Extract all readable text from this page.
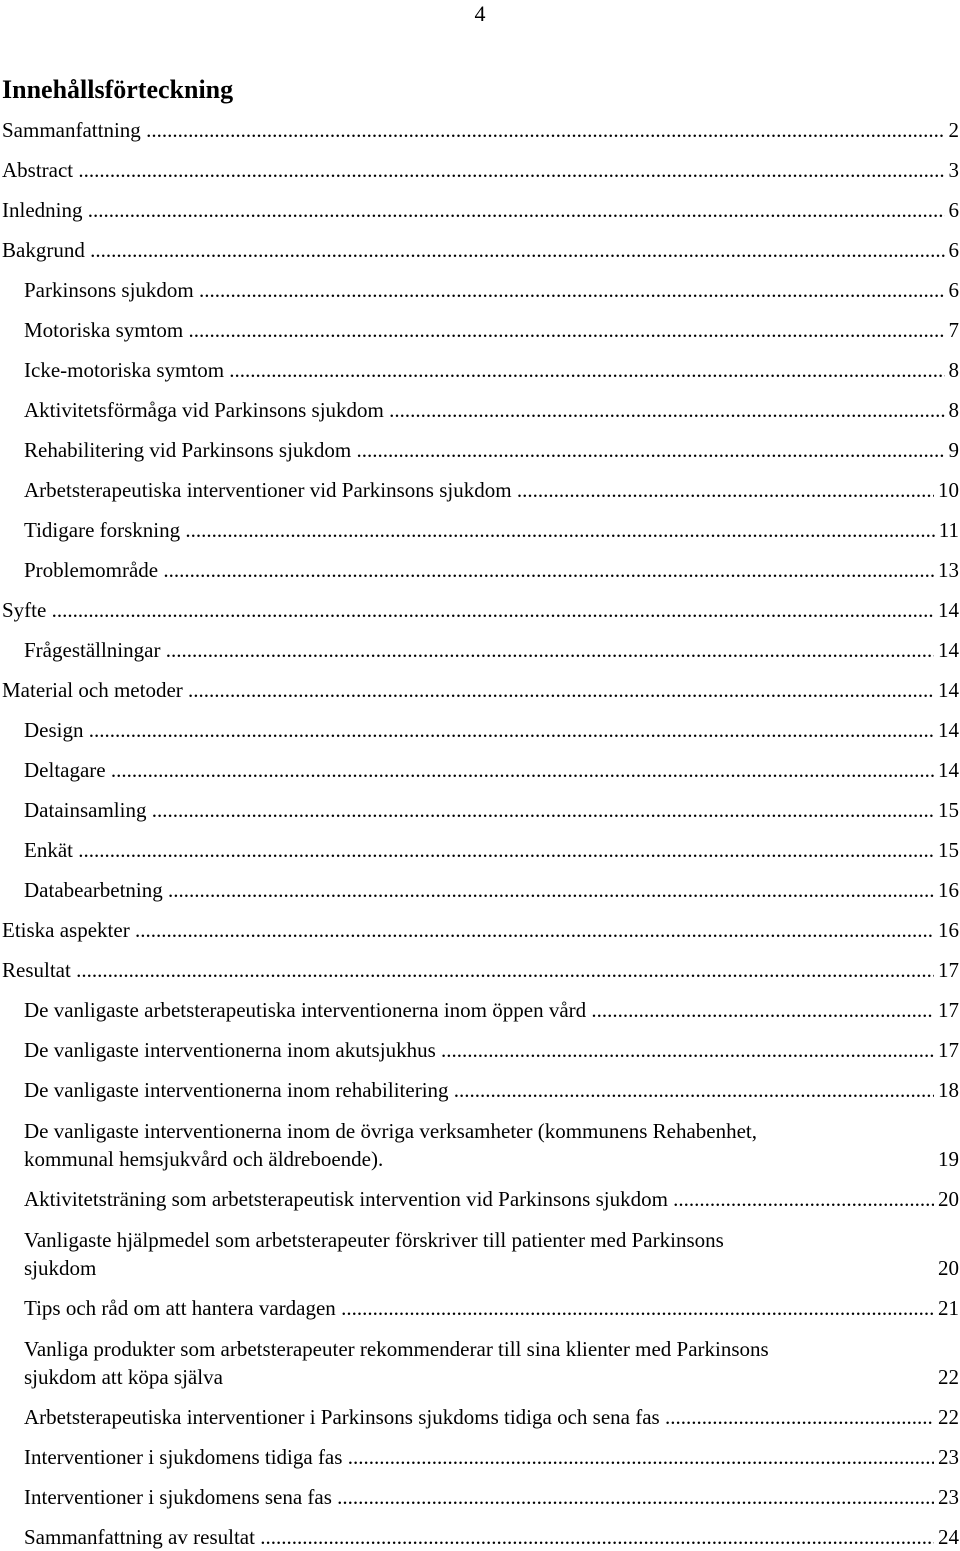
4
Innehållsförteckning
Sammanfattning .....	2
Abstract .....	3
Inledning .....	6
Bakgrund .....	6
Parkinsons sjukdom .....	6
Motoriska symtom .....	7
Icke-motoriska symtom .....	8
Aktivitetsförmåga vid Parkinsons sjukdom .....	8
Rehabilitering vid Parkinsons sjukdom .....	9
Arbetsterapeutiska interventioner vid Parkinsons sjukdom .....	10
Tidigare forskning .....	11
Problemområde .....	13
Syfte .....	14
Frågeställningar .....	14
Material och metoder .....	14
Design .....	14
Deltagare .....	14
Datainsamling .....	15
Enkät .....	15
Databearbetning .....	16
Etiska aspekter .....	16
Resultat .....	17
De vanligaste arbetsterapeutiska interventionerna inom öppen vård .....	17
De vanligaste interventionerna inom akutsjukhus .....	17
De vanligaste interventionerna inom rehabilitering .....	18
De vanligaste interventionerna inom de övriga verksamheter (kommunens Rehabenhet,
kommunal hemsjukvård och äldreboende). .....	19
Aktivitetsträning som arbetsterapeutisk intervention vid Parkinsons sjukdom .....	20
Vanligaste hjälpmedel som arbetsterapeuter förskriver till patienter med Parkinsons
sjukdom .....	20
Tips och råd om att hantera vardagen .....	21
Vanliga produkter som arbetsterapeuter rekommenderar till sina klienter med Parkinsons
sjukdom att köpa själva .....	22
Arbetsterapeutiska interventioner i Parkinsons sjukdoms tidiga och sena fas .....	22
Interventioner i sjukdomens tidiga fas .....	23
Interventioner i sjukdomens sena fas .....	23
Sammanfattning av resultat .....	24
